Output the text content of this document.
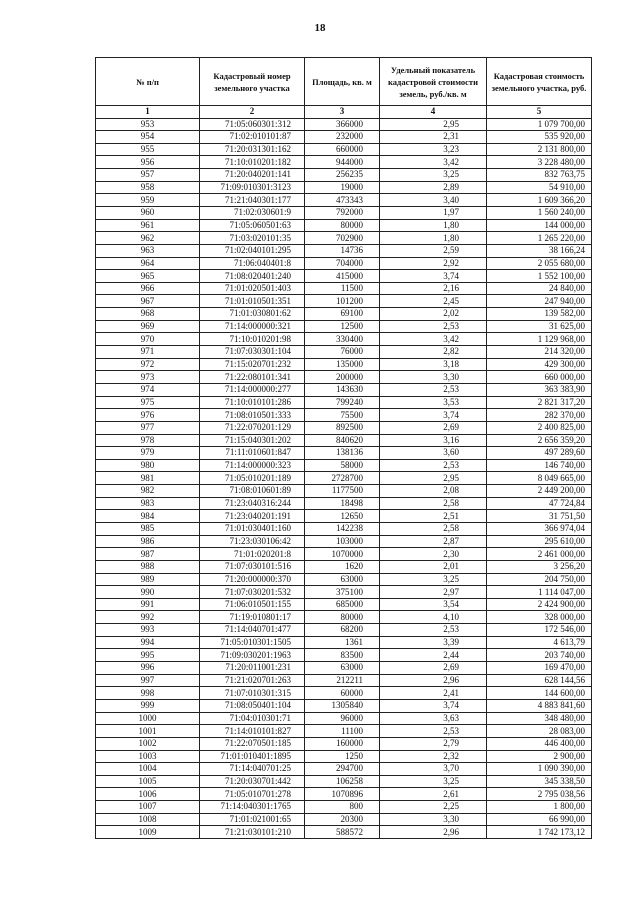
18
№ п/п	Кадастровый номер земельного участка	Площадь, кв. м	Удельный показатель кадастровой стоимости земель, руб./кв. м	Кадастровая стоимость земельного участка, руб.
1	2	3	4	5
953	71:05:060301:312	366000	2,95	1 079 700,00
954	71:02:010101:87	232000	2,31	535 920,00
955	71:20:031301:162	660000	3,23	2 131 800,00
956	71:10:010201:182	944000	3,42	3 228 480,00
957	71:20:040201:141	256235	3,25	832 763,75
958	71:09:010301:3123	19000	2,89	54 910,00
959	71:21:040301:177	473343	3,40	1 609 366,20
960	71:02:030601:9	792000	1,97	1 560 240,00
961	71:05:060501:63	80000	1,80	144 000,00
962	71:03:020101:35	702900	1,80	1 265 220,00
963	71:02:040101:295	14736	2,59	38 166,24
964	71:06:040401:8	704000	2,92	2 055 680,00
965	71:08:020401:240	415000	3,74	1 552 100,00
966	71:01:020501:403	11500	2,16	24 840,00
967	71:01:010501:351	101200	2,45	247 940,00
968	71:01:030801:62	69100	2,02	139 582,00
969	71:14:000000:321	12500	2,53	31 625,00
970	71:10:010201:98	330400	3,42	1 129 968,00
971	71:07:030301:104	76000	2,82	214 320,00
972	71:15:020701:232	135000	3,18	429 300,00
973	71:22:080101:341	200000	3,30	660 000,00
974	71:14:000000:277	143630	2,53	363 383,90
975	71:10:010101:286	799240	3,53	2 821 317,20
976	71:08:010501:333	75500	3,74	282 370,00
977	71:22:070201:129	892500	2,69	2 400 825,00
978	71:15:040301:202	840620	3,16	2 656 359,20
979	71:11:010601:847	138136	3,60	497 289,60
980	71:14:000000:323	58000	2,53	146 740,00
981	71:05:010201:189	2728700	2,95	8 049 665,00
982	71:08:010601:89	1177500	2,08	2 449 200,00
983	71:23:040316:244	18498	2,58	47 724,84
984	71:23:040201:191	12650	2,51	31 751,50
985	71:01:030401:160	142238	2,58	366 974,04
986	71:23:030106:42	103000	2,87	295 610,00
987	71:01:020201:8	1070000	2,30	2 461 000,00
988	71:07:030101:516	1620	2,01	3 256,20
989	71:20:000000:370	63000	3,25	204 750,00
990	71:07:030201:532	375100	2,97	1 114 047,00
991	71:06:010501:155	685000	3,54	2 424 900,00
992	71:19:010801:17	80000	4,10	328 000,00
993	71:14:040701:477	68200	2,53	172 546,00
994	71:05:010301:1505	1361	3,39	4 613,79
995	71:09:030201:1963	83500	2,44	203 740,00
996	71:20:011001:231	63000	2,69	169 470,00
997	71:21:020701:263	212211	2,96	628 144,56
998	71:07:010301:315	60000	2,41	144 600,00
999	71:08:050401:104	1305840	3,74	4 883 841,60
1000	71:04:010301:71	96000	3,63	348 480,00
1001	71:14:010101:827	11100	2,53	28 083,00
1002	71:22:070501:185	160000	2,79	446 400,00
1003	71:01:010401:1895	1250	2,32	2 900,00
1004	71:14:040701:25	294700	3,70	1 090 390,00
1005	71:20:030701:442	106258	3,25	345 338,50
1006	71:05:010701:278	1070896	2,61	2 795 038,56
1007	71:14:040301:1765	800	2,25	1 800,00
1008	71:01:021001:65	20300	3,30	66 990,00
1009	71:21:030101:210	588572	2,96	1 742 173,12
